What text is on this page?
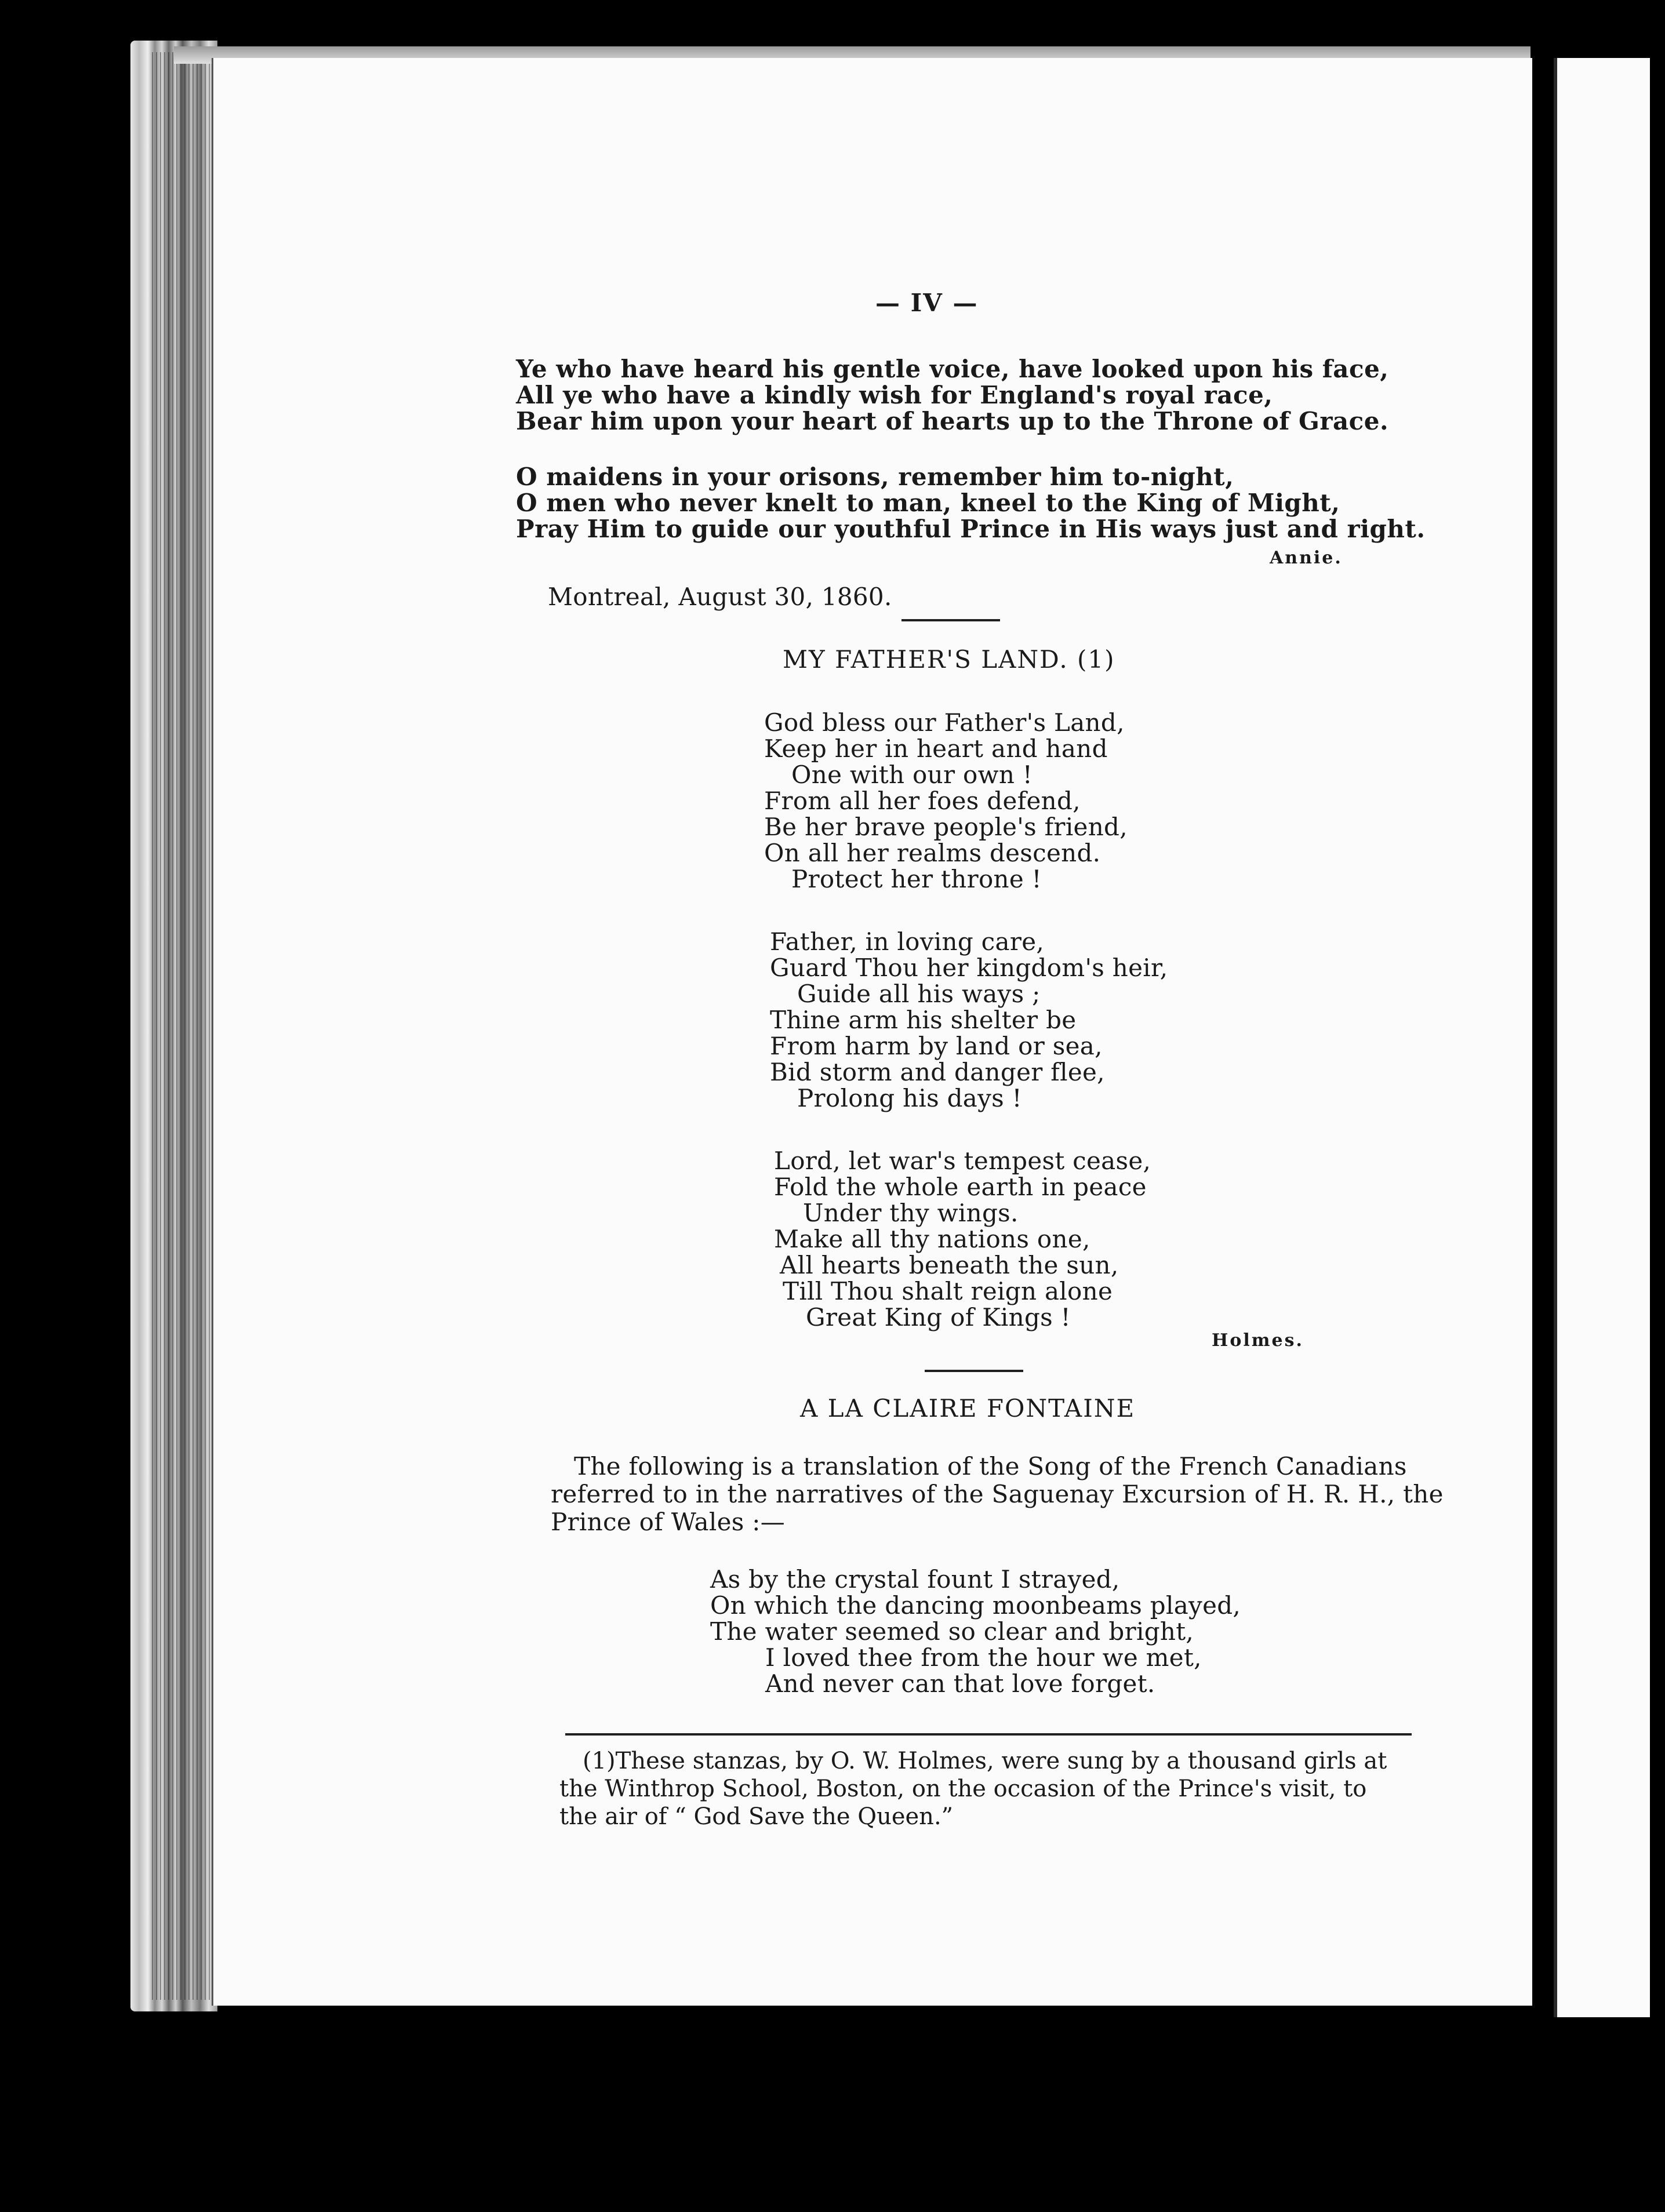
— IV —

Ye who have heard his gentle voice, have looked upon his face,

All ye who have a kindly wish for England's royal race,

Bear him upon your heart of hearts up to the Throne of Grace.

O maidens in your orisons, remember him to-night,

O men who never knelt to man, kneel to the King of Might,

Pray Him to guide our youthful Prince in His ways just and right.

Annie.

Montreal, August 30, 1860.

MY FATHER'S LAND. (1)

God bless our Father's Land,

Keep her in heart and hand

One with our own !

From all her foes defend,

Be her brave people's friend,

On all her realms descend.

Protect her throne !

Father, in loving care,

Guard Thou her kingdom's heir,

Guide all his ways ;

Thine arm his shelter be

From harm by land or sea,

Bid storm and danger flee,

Prolong his days !

Lord, let war's tempest cease,

Fold the whole earth in peace

Under thy wings.

Make all thy nations one,

All hearts beneath the sun,

Till Thou shalt reign alone

Great King of Kings !

Holmes.

A LA CLAIRE FONTAINE

The following is a translation of the Song of the French Canadians

referred to in the narratives of the Saguenay Excursion of H. R. H., the

Prince of Wales :—

As by the crystal fount I strayed,

On which the dancing moonbeams played,

The water seemed so clear and bright,

I loved thee from the hour we met,

And never can that love forget.

(1)These stanzas, by O. W. Holmes, were sung by a thousand girls at

the Winthrop School, Boston, on the occasion of the Prince's visit, to

the air of “ God Save the Queen.”
